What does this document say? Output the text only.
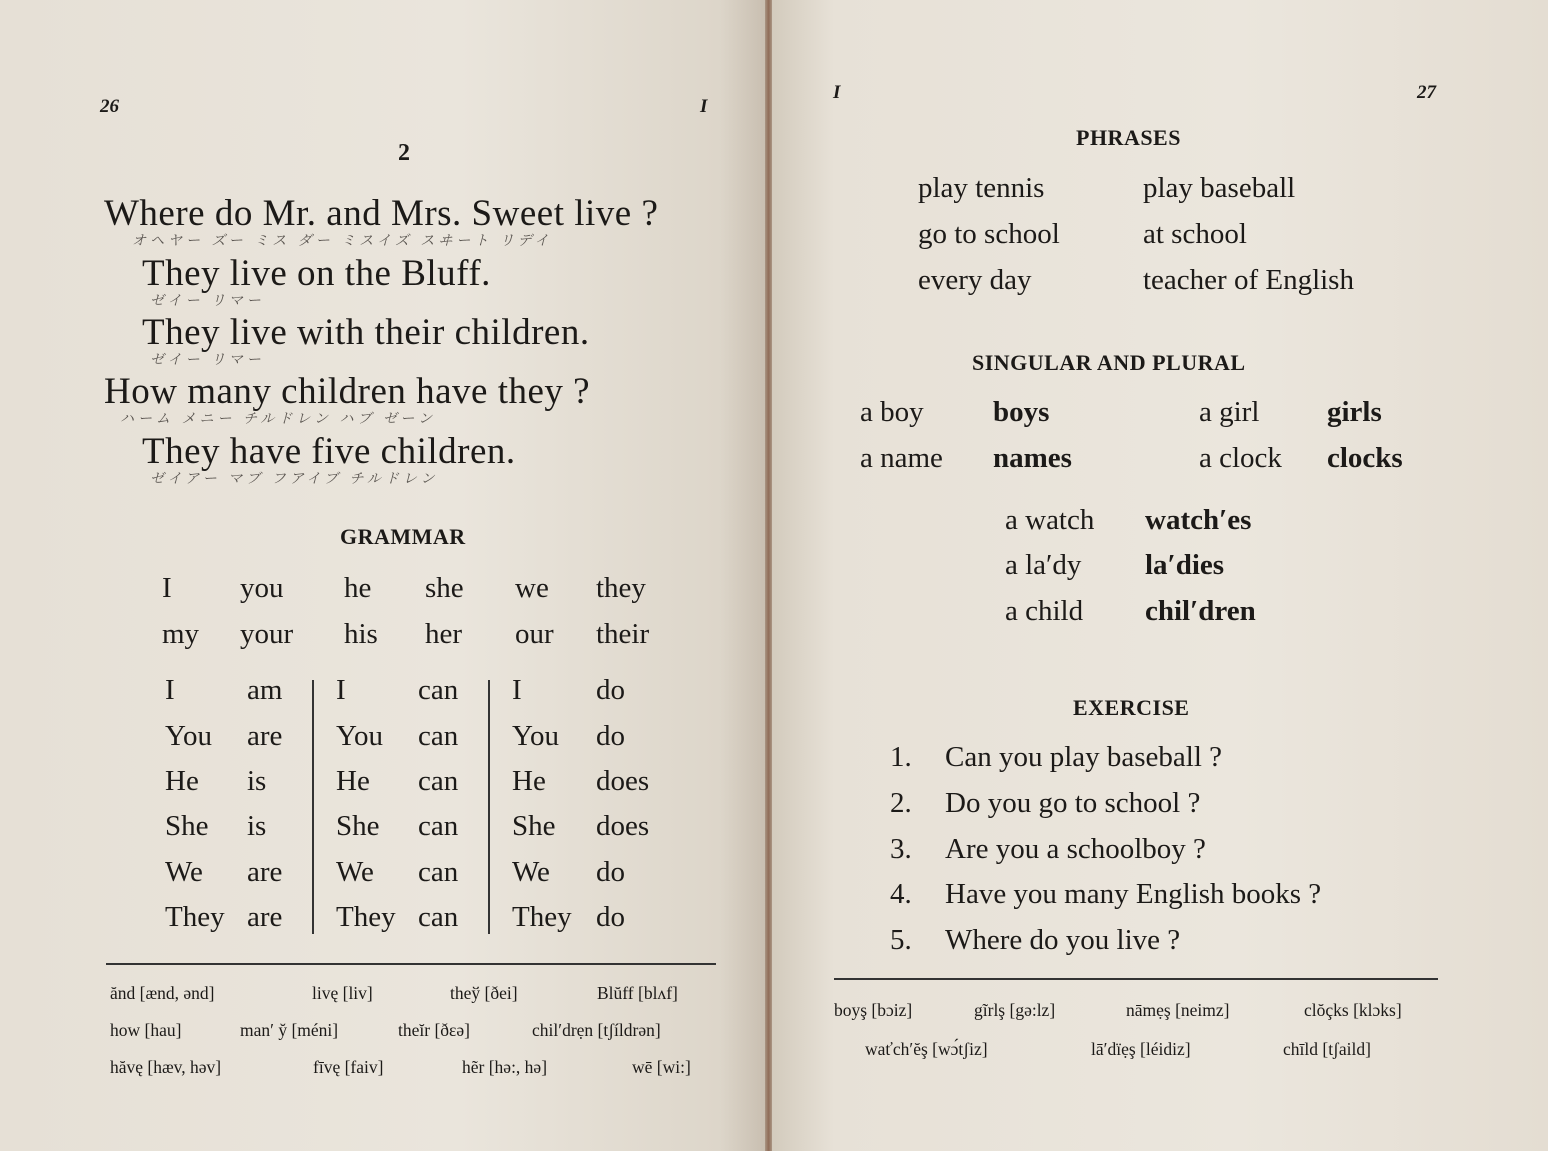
26	I
2
Where do Mr. and Mrs. Sweet live ?
オヘヤー ズー ミス ダー ミスイズ スヰート リデイ
They live on the Bluff.
ゼイー リマー
They live with their children.
ゼイー リマー
How many children have they ?
ハーム メニー チルドレン ハブ ゼーン
They have five children.
ゼイアー マブ フアイブ チルドレン
GRAMMAR
I you he she we they
my your his her our their
I am I can I	do
You are You can You do
He is He can He does
She is She can She does
We are We can We do
They are They can They do
ănd [ænd, ənd]	livę [liv]	theў [ðei]	Blŭff [blʌf]
how [hau]	man′ y̆ [méni]	theĭr [ðɛə]	chil′drẹn [tʃíldrən]
hăvę [hæv, həv]	fīvę [faiv]	hẽr [hə:, hə]	wē [wi:]
I	27
PHRASES
play tennis	play baseball
go to school	at school
every day	teacher of English
SINGULAR AND PLURAL
a boy boys	a girl girls
a name names	a clock clocks
a watch watch′es
a la′dy la′dies
a child chil′dren
EXERCISE
1. Can you play baseball ?
2. Do you go to school ?
3. Are you a schoolboy ?
4. Have you many English books ?
5. Where do you live ?
boyş [bɔiz]	gĩrlş [gə:lz]	nāmẹş [neimz]	clŏçks [klɔks]
waťch′ĕş [wɔ́tʃiz]	lā′dïẹş [léidiz]	chīld [tʃaild]
